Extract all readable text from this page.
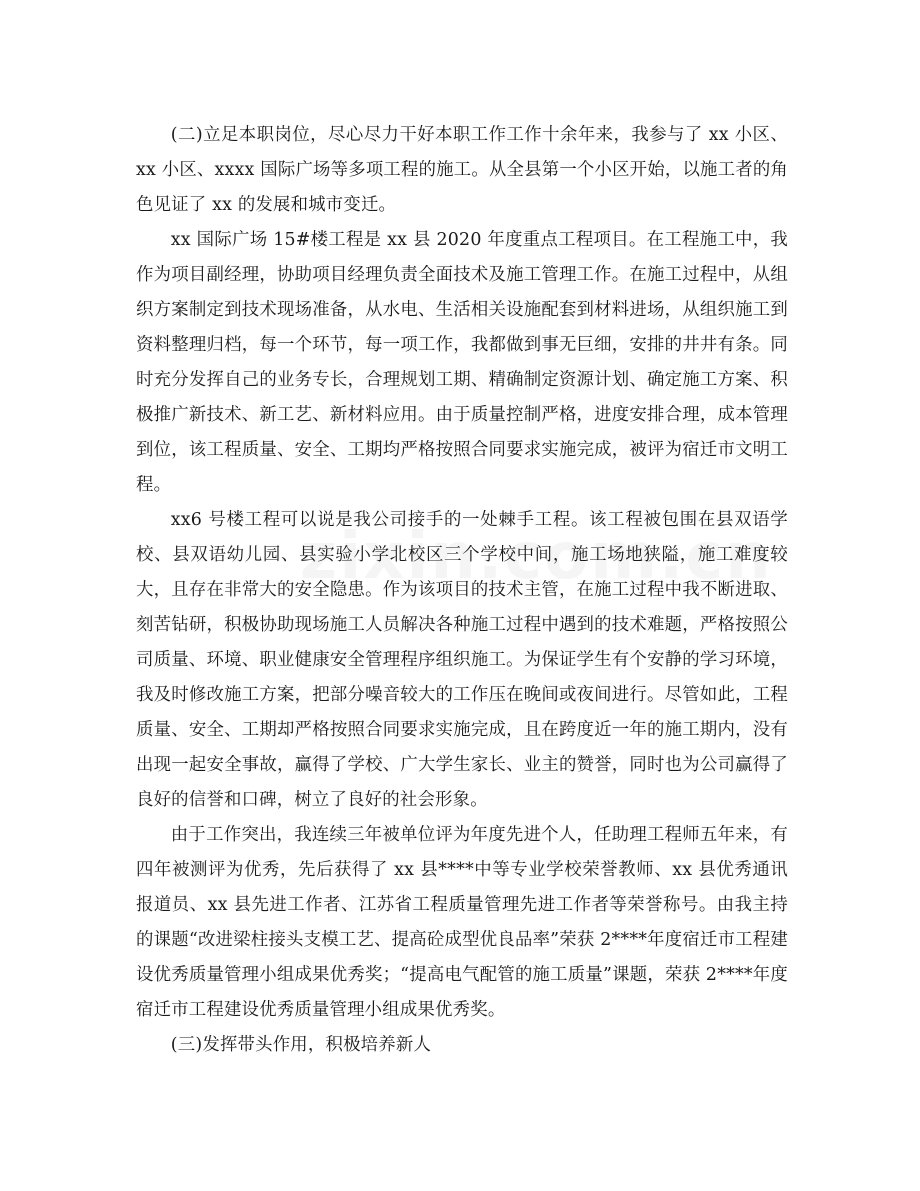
(二)立足本职岗位，尽心尽力干好本职工作工作十余年来，我参与了 xx 小区、xx 小区、xxxx 国际广场等多项工程的施工。从全县第一个小区开始，以施工者的角色见证了 xx 的发展和城市变迁。

xx 国际广场 15#楼工程是 xx 县 2020 年度重点工程项目。在工程施工中，我作为项目副经理，协助项目经理负责全面技术及施工管理工作。在施工过程中，从组织方案制定到技术现场准备，从水电、生活相关设施配套到材料进场，从组织施工到资料整理归档，每一个环节，每一项工作，我都做到事无巨细，安排的井井有条。同时充分发挥自己的业务专长，合理规划工期、精确制定资源计划、确定施工方案、积极推广新技术、新工艺、新材料应用。由于质量控制严格，进度安排合理，成本管理到位，该工程质量、安全、工期均严格按照合同要求实施完成，被评为宿迁市文明工程。

xx6 号楼工程可以说是我公司接手的一处棘手工程。该工程被包围在县双语学校、县双语幼儿园、县实验小学北校区三个学校中间，施工场地狭隘，施工难度较大，且存在非常大的安全隐患。作为该项目的技术主管，在施工过程中我不断进取、刻苦钻研，积极协助现场施工人员解决各种施工过程中遇到的技术难题，严格按照公司质量、环境、职业健康安全管理程序组织施工。为保证学生有个安静的学习环境，我及时修改施工方案，把部分噪音较大的工作压在晚间或夜间进行。尽管如此，工程质量、安全、工期却严格按照合同要求实施完成，且在跨度近一年的施工期内，没有出现一起安全事故，赢得了学校、广大学生家长、业主的赞誉，同时也为公司赢得了良好的信誉和口碑，树立了良好的社会形象。

由于工作突出，我连续三年被单位评为年度先进个人，任助理工程师五年来，有四年被测评为优秀，先后获得了 xx 县****中等专业学校荣誉教师、xx 县优秀通讯报道员、xx 县先进工作者、江苏省工程质量管理先进工作者等荣誉称号。由我主持的课题“改进梁柱接头支模工艺、提高砼成型优良品率”荣获 2****年度宿迁市工程建设优秀质量管理小组成果优秀奖；“提高电气配管的施工质量”课题，荣获 2****年度宿迁市工程建设优秀质量管理小组成果优秀奖。

(三)发挥带头作用，积极培养新人
